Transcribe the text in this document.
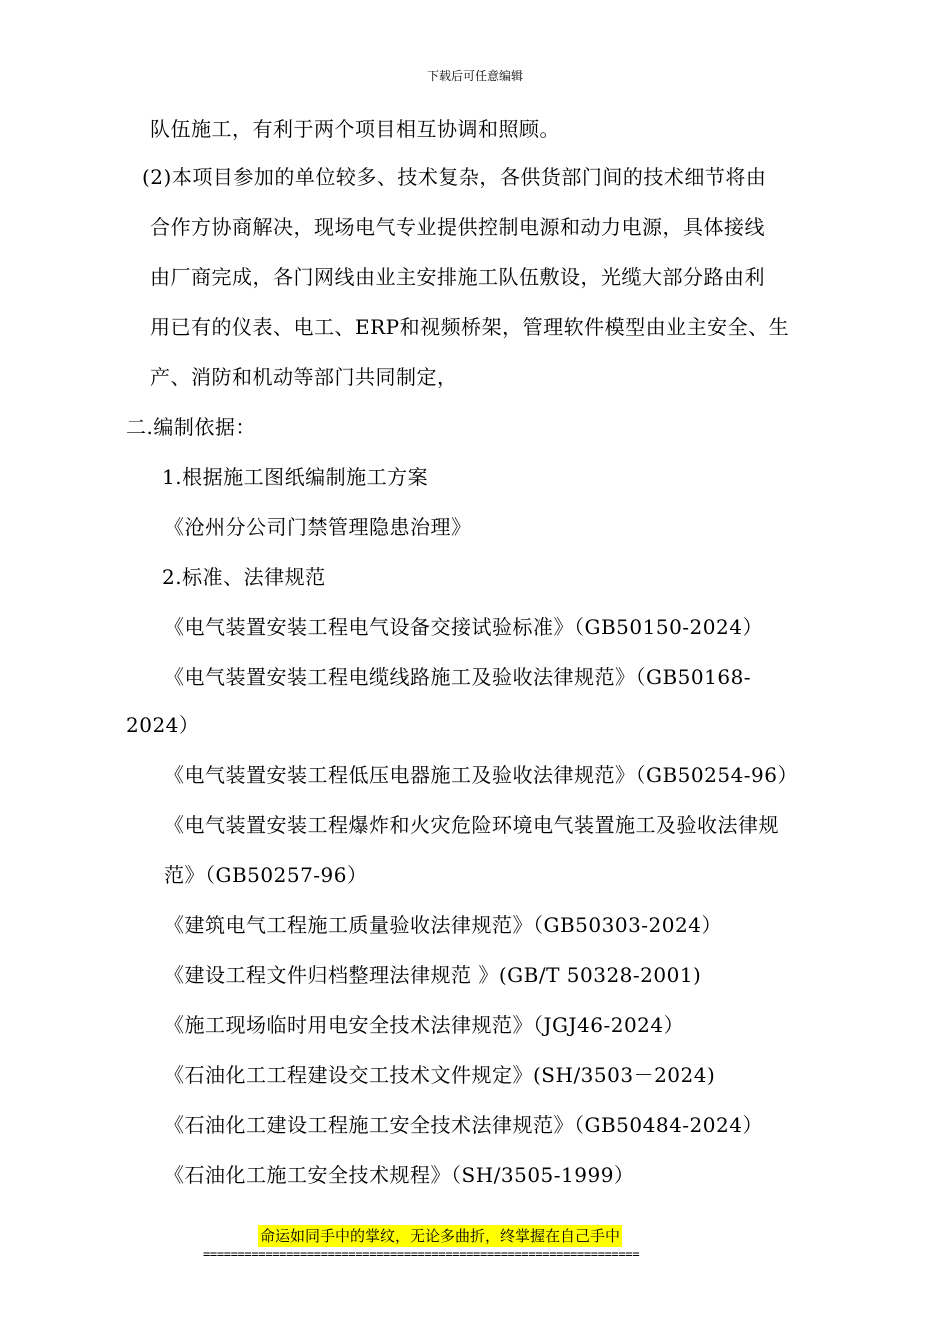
下载后可任意编辑
队伍施工，有利于两个项目相互协调和照顾。
(2)本项目参加的单位较多、技术复杂，各供货部门间的技术细节将由
合作方协商解决，现场电气专业提供控制电源和动力电源，具体接线
由厂商完成，各门网线由业主安排施工队伍敷设，光缆大部分路由利
用已有的仪表、电工、ERP和视频桥架，管理软件模型由业主安全、生
产、消防和机动等部门共同制定，
二.编制依据：
1.根据施工图纸编制施工方案
《沧州分公司门禁管理隐患治理》
2.标准、法律规范
《电气装置安装工程电气设备交接试验标准》（GB50150-2024）
《电气装置安装工程电缆线路施工及验收法律规范》（GB50168-
2024）
《电气装置安装工程低压电器施工及验收法律规范》（GB50254-96）
《电气装置安装工程爆炸和火灾危险环境电气装置施工及验收法律规
范》（GB50257-96）
《建筑电气工程施工质量验收法律规范》（GB50303-2024）
《建设工程文件归档整理法律规范 》(GB/T 50328-2001)
《施工现场临时用电安全技术法律规范》（JGJ46-2024）
《石油化工工程建设交工技术文件规定》(SH/3503－2024)
《石油化工建设工程施工安全技术法律规范》（GB50484-2024）
《石油化工施工安全技术规程》（SH/3505-1999）
命运如同手中的掌纹，无论多曲折，终掌握在自己手中
===============================================================
